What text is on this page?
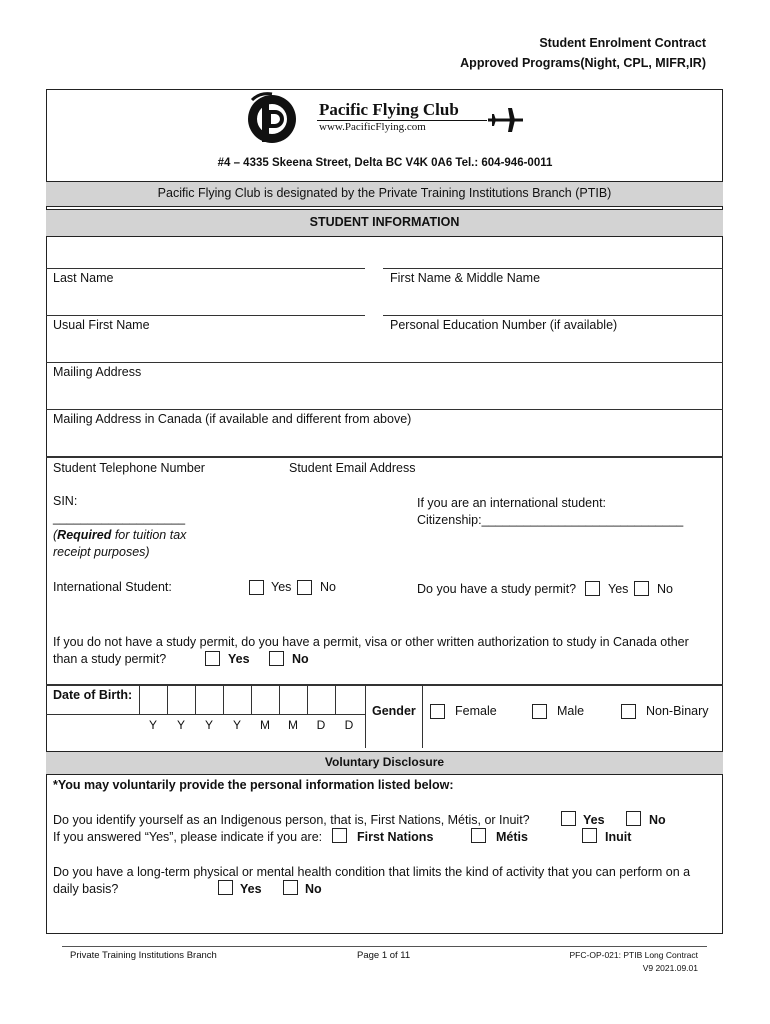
Student Enrolment Contract
Approved Programs(Night, CPL, MIFR,IR)
Pacific Flying Club
www.PacificFlying.com
#4 – 4335 Skeena Street, Delta BC V4K 0A6 Tel.: 604-946-0011
Pacific Flying Club is designated by the Private Training Institutions Branch (PTIB)
STUDENT INFORMATION
Last Name	First Name & Middle Name
Usual First Name	Personal Education Number (if available)
Mailing Address
Mailing Address in Canada (if available and different from above)
Student Telephone Number	Student Email Address
SIN:
___________________
(Required for tuition tax
receipt purposes)
If you are an international student:
Citizenship:_____________________________
International Student:	Yes No	Do you have a study permit?	Yes No
If you do not have a study permit, do you have a permit, visa or other written authorization to study in Canada other
than a study permit?	Yes	No
Date of Birth:
Y	Y	Y	Y	M	M	D	D
Gender	Female	Male	Non-Binary
Voluntary Disclosure
*You may voluntarily provide the personal information listed below:
Do you identify yourself as an Indigenous person, that is, First Nations, Métis, or Inuit?	Yes	No
If you answered “Yes”, please indicate if you are:	First Nations	Métis	Inuit
Do you have a long-term physical or mental health condition that limits the kind of activity that you can perform on a
daily basis?	Yes	No
Private Training Institutions Branch	Page 1 of 11	PFC-OP-021: PTIB Long Contract
V9 2021.09.01
